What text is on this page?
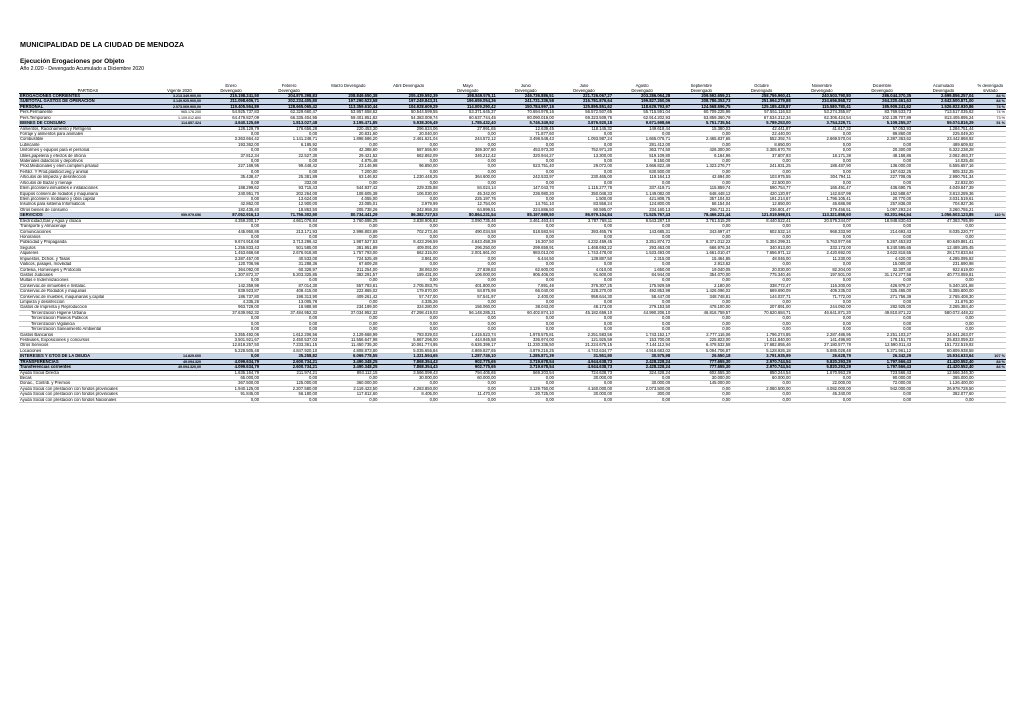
MUNICIPALIDAD DE LA CIUDAD DE MENDOZA
Ejecución Erogaciones por Objeto
Año 2.020 - Devengado Acumulado a Diciembre 2020
		Enero	Febrero	Marzo Devengado	Abril Devengado	Mayo	Junio	Julio	Agosto	Septiembre	Octubre	Noviembre	Diciembre	Acumulado	% devengado
PARTIDAS	Vigente 2020	Devengado	Devengado			Devengado	Devengado	Devengado	Devengado	Devengado	Devengado	Devengado	Devengado	Devengado	s/vitado
EROGACIONES CORRIENTES	3.213.349.900,00	215.198.241,50	204.870.398,83	208.849.650,38	205.439.592,39	198.849.575,11	246.736.886,51	221.726.067,27	203.286.064,28	209.592.659,21	258.756.960,41	240.503.790,80	286.044.370,35	2.699.856.257,04	84 %
SUBTOTAL GASTOS DE OPERACION	3.149.925.900,00	211.098.606,71	202.234.405,80	197.290.523,58	197.249.843,31	196.659.054,36	241.731.336,58	216.781.876,64	199.827.260,06	208.786.353,73	251.994.279,88	234.656.868,72	264.220.461,63	2.642.500.871,00	84 %
PERSONAL	2.073.069.900,00	119.405.564,89	128.665.065,42	113.359.610,44	104.928.609,29	114.009.290,42	150.784.997,16	125.895.851,62	118.629.793,97	124.568.596,75	125.185.428,87	115.580.780,41	185.909.241,62	1.526.922.930,86	74 %
Pers.Permanente	965.176.200	54.925.737,83	62.329.660,47	53.957.658,62	50.544.599,55	53.371.645,37	70.694.978,16	56.572.507,65	55.715.591,04	60.709.225,96	57.551.116,53	53.274.355,87	83.769.533,73	713.517.035,62	74 %
Pers.Temporario	1.109.012.800	64.479.827,09	66.335.404,95	59.401.951,82	54.383.009,74	60.637.744,45	80.090.019,00	69.323.509,76	62.914.202,93	63.859.360,79	67.534.312,34	62.306.424,54	102.139.707,89	813.405.895,24	73 %
BIENES DE CONSUMO	114.857.324	4.640.125,69	1.813.027,48	3.195.471,85	5.938.306,49	1.785.432,40	5.746.349,92	3.876.920,18	9.671.698,66	5.751.735,54	5.789.253,00	3.754.229,71	5.109.255,37	59.074.816,29	51 %
Alimentos, Racionamiento y Refrigerio		128.129,79	176.656,28	220.453,30	296.624,06	27.991,65	12.639,45	118.145,32	149.618,44	15.380,03	42.441,87	41.617,32	57.053,93	1.284.751,44	
Forraje y alimentos para animales		0,00	0,00	20.831,60	20.040,00	0,00	71.877,60	0,00	0,00	0,00	22.440,00	0,00	89.860,00	225.049,20	
Combustible		3.363.664,42	1.141.248,71	1.898.586,20	2.461.621,04	244.572,12	3.498.548,43	1.093.987,24	1.665.076,71	2.465.837,65	552.392,74	2.669.570,04	2.387.363,62	23.442.868,92	
Lubricante		193.362,00	6.185,92	0,00	0,00	0,00	0,00	0,00	281.412,00	0,00	8.650,00	0,00	0,00	489.609,92	
Uniformes y equipos para el personal		0,00	0,00	42.388,60	587.555,90	369.307,80	453.973,30	752.971,20	363.774,50	426.300,00	3.305.670,78	0,00	20.300,00	6.322.238,28	
Utiles,papeleria y efectos de oficina		37.812,34	22.527,30	29.421,52	662.862,09	346.212,42	320.944,27	13.300,00	519.109,80	6.164,96	37.807,93	18.171,38	48.158,86	2.062.493,37	
Materiales didacticos y deportivos		0,00	0,00	4.875,48	0,00	0,00	0,00	0,00	9.150,00	0,00	0,00	0,00	0,00	14.025,48	
Prod.Medicinales y elem.complem.p/salud		227.169,95	99.448,42	23.146,98	96.850,00	0,00	523.751,40	29.072,00	3.666.822,49	1.323.276,77	241.831,25	188.487,90	136.000,00	6.555.657,16	
Fertiliz. Y Prod.plasticid.veg.y animal		0,00	0,00	7.200,00	0,00	0,00	0,00	0,00	630.500,00	0,00	0,00	0,00	167.632,25	805.332,25	
Articulos de limpieza y desinfeccion		35.438,47	25.381,89	63.146,92	1.230.448,25	364.600,00	242.533,97	230.465,00	119.164,13	42.694,00	103.975,55	304.794,11	227.708,05	2.990.751,34	
Articulos de Bazar y menaje		0,00	332,00	0,00	0,00	0,00	0,00	0,00	0,00	0,00	22.500,00	0,00	0,00	22.832,00	
Elem.p/conserv.inmuebles e instalaciones		188.299,62	93.715,43	544.937,42	229.335,88	84.024,14	147.043,70	1.115.277,78	337.419,71	115.859,74	590.754,77	166.491,47	436.690,75	4.049.847,39	
Equipos conserv.de rodados y maquinaria		240.951,70	202.264,00	108.605,38	106.030,00	45.342,00	236.980,20	350.048,33	1.149.082,00	648.448,12	420.120,97	142.847,99	162.588,67	3.813.289,36	
Elem.p/conserv. mobiliario y obra capital		0,00	13.624,00	4.055,00	0,00	225.197,76	0,00	1.500,00	421.808,75	357.104,02	191.214,67	1.796.105,41	20.770,00	3.031.519,61	
Insumos para sistema Informaticos		42.862,00	12.900,00	23.085,01	3.979,99	12.754,00	14.761,10	83.558,24	124.800,00	68.154,04	12.650,00	46.686,98	257.836,00	704.927,36	
Otros bienes de consumo		182.435,40	18.863,50	205.738,26	242.959,28	64.899,51	224.886,50	90.595,07	234.160,13	266.711,21	236.801,47	379.456,51	1.097.293,24	3.260.755,21	
SERVICIOS	959.979.656	87.052.916,13	71.756.302,90	80.734.441,29	86.382.727,53	80.864.231,54	85.197.989,50	86.979.104,84	71.525.767,43	78.466.221,44	121.019.598,01	113.321.858,60	93.201.964,64	1.056.503.123,85	110 %
Electricidad,Gas y Agua y cloaca		4.359.200,17	4.661.076,84	3.760.698,25	3.838.905,82	3.090.735,46	3.461.463,44	3.787.768,11	6.543.287,10	3.761.515,29	8.440.522,41	20.579.244,07	18.948.830,63	47.363.785,99	
Transporte y Almacenaje		0,00	0,00	0,00	0,00	0,00	0,00	0,00	0,00	0,00	0,00	0,00	0,00	0,00	
Comunicaciones		445.950,86	213.171,93	2.998.803,89	702.273,46	490.034,58	518.583,94	393.465,76	143.685,31	343.697,47	602.532,14	968.333,90	214.693,43	8.035.220,77	
Honorarios		0,00	0,00	0,00	0,00	0,00	0,00	0,00	0,00	0,00	0,00	0,00	0,00	0,00	
Publicidad y Propaganda		9.674.918,68	3.713.296,42	1.987.527,53	8.423.296,59	4.643.458,39	16.307,50	4.232.459,45	3.251.874,72	8.371.012,22	5.304.299,31	5.763.977,66	5.267.453,83	60.649.881,41	
Seguros		1.256.833,43	501.585,00	381.951,89	409.091,00	296.250,00	299.659,91	1.468.693,22	293.463,00	666.976,34	340.913,00	333.173,00	6.240.595,65	12.489.185,45	
Alquileres		1.453.668,68	2.676.918,80	1.757.793,00	662.315,00	2.001.661,00	983.013,00	1.743.478,00	1.533.493,00	1.661.010,47	7.656.971,12	2.420.692,00	3.622.818,55	28.173.833,64	
Impuestos, Dchos. y Tasas		3.387.457,00	40.533,00	724.525,49	3.861,00	0,00	6.444,50	139.887,50	2.315,00	15.464,85	48.046,00	11.230,00	4.420,00	4.285.095,82	
Viaticos, pasajes, movilidad		120.706,96	31.288,36	67.609,28	0,00	0,00	0,00	0,00	0,00	2.913,62	0,00	0,00	15.000,00	231.690,98	
Cortesia, Homenajes y Protocolo		364.092,00	60.328,97	211.254,00	38.063,00	27.839,83	62.600,00	4.010,00	1.650,00	19.040,05	20.030,00	82.204,00	32.307,40	922.619,00	
Gastos Judiciales		1.307.872,37	5.203.325,85	382.291,57	189.431,00	106.000,00	906.406,00	91.600,00	84.944,00	354.070,00	775.340,46	197.501,00	31.174.277,56	40.773.059,81	
Multas e Indemnizaciones		0,00	0,00	0,00	0,00	0,00	0,00	0,00	0,00	0,00	0,00	0,00	0,00	0,00	
Conservac.de inmuebles e Instalac.		142.359,98	87.014,30	557.783,61	2.705.083,75	401.800,00	7.891,46	376.307,25	175.929,59	2.180,00	338.772,47	116.200,00	426.979,27	5.340.101,68	
Conservac.de Rodados y maquinas		839.923,87	408.415,00	222.865,02	179.870,00	84.875,99	66.040,00	228.270,00	492.853,98	1.426.096,02	669.690,09	409.235,03	325.465,00	5.355.600,00	
Conservac.de muebles, maquinarias y.capital		186.737,80	198.313,90	409.261,42	57.747,00	57.541,97	2.400,00	958.644,30	58.447,00	348.748,81	144.037,71	71.772,00	271.756,39	2.765.408,30	
Limpieza y desinfeccion		4.335,26	13.005,78	0,00	4.335,26	0,00	0,00	0,00	0,00	0,00	0,00	0,00	0,00	21.676,30	
Gastos de Imprenta y Reproduccion		963.729,00	18.988,90	234.199,00	324.280,00	156.060,00	38.043,00	48.173,00	279.153,50	478.100,00	207.891,00	244.092,00	282.925,00	3.265.384,40	
Tercerizacion Higiene Urbana		37.639.952,32	37.484.952,32	37.034.952,32	47.298.419,03	56.148.285,21	60.402.874,10	45.182.659,10	44.990.206,10	46.816.759,57	70.620.684,71	46.641.871,20	49.810.871,22	580.072.448,22	
Tercerizacion Paseos Publicos		0,00	0,00	0,00	0,00	0,00	0,00	0,00	0,00	0,00	0,00	0,00	0,00	0,00	
Tercerizacion Vigilancia		0,00	0,00	0,00	0,00	0,00	0,00	0,00	0,00	0,00	0,00	0,00	0,00	0,00	
Tercerizacion Saneamiento Ambiental		0,00	0,00	0,00	0,00	0,00	0,00	0,00	0,00	0,00	0,00	0,00	0,00	0,00	
Gastos Bancarios		3.355.492,06	1.612.206,56	2.129.668,99	783.029,03	1.415.523,74	1.978.575,81	2.251.583,56	1.743.152,17	2.777.116,06	1.796.274,85	2.287.486,95	2.251.103,27	24.641.263,07	
Festivales, Exposiciones y concursos		3.501.921,67	2.450.537,03	11.556.647,98	5.667.296,00	444.945,58	336.974,00	121.925,59	153.700,00	225.823,00	1.011.840,00	141.496,80	178.151,70	25.833.059,33	
Otros Servicios		12.819.257,50	7.233.361,15	11.450.735,30	10.061.774,95	6.626.399,17	11.230.336,50	21.224.675,15	7.144.112,94	6.478.532,58	17.682.855,46	27.180.577,78	12.590.011,43	151.722.519,92	
Locaciones		5.228.505,48	4.847.920,10	4.808.873,80	5.035.655,84	4.869.827,65	4.879.216,25	4.743.634,77	4.918.683,02	5.094.706,87	5.128.926,18	5.885.028,48	5.371.961,12	60.809.938,58	
INTERESES Y GTOS DE LA DEUDA	14.829.600	0,00	35.258,82	6.069.778,55	1.321.594,65	1.287.746,10	1.285.871,39	31.551,90	30.575,98	26.550,18	3.791.935,99	26.628,79	26.342,29	15.934.633,64	107 %
TRANSFERENCIAS	49.094.320	4.099.634,79	2.600.734,21	3.490.348,25	7.868.354,43	902.775,65	3.719.678,54	4.944.638,73	2.428.228,24	777.655,30	2.970.744,54	5.820.293,29	1.797.566,43	41.420.552,40	84 %
Transferencias corrientes	49.094.320,00	4.099.634,79	2.600.734,21	3.490.348,25	7.868.354,43	902.775,65	3.719.678,54	4.944.638,73	2.428.228,24	777.655,30	2.970.744,54	5.820.293,29	1.797.566,43	41.420.552,40	84 %
Ayuda Social Directa		1.635.164,79	211.974,21	893.112,15	3.566.099,43	794.405,65	569.203,54	724.638,73	324.428,24	602.555,30	850.244,54	1.670.953,29	723.566,43	12.566.346,30	
Becas		65.000,00	0,00	0,00	30.000,00	60.000,00	0,00	30.000,00	0,00	30.000,00	60.000,00	0,00	90.000,00	365.000,00	
Donac., Contrib. y Premios		367.500,00	125.000,00	360.000,00	0,00	0,00	0,00	0,00	30.000,00	145.000,00	0,00	22.000,00	72.000,00	1.126.400,00	
Ayuda Social con prestacion con fondos provinciales		1.940.125,00	2.207.580,00	2.119.423,50	4.263.850,00	0,00	3.129.750,00	4.160.000,00	2.073.500,00	0,00	2.060.500,00	4.082.000,00	942.000,00	26.978.728,50	
Ayuda Social con prestacion con fondos provinciales		91.845,00	56.180,00	117.812,60	8.405,00	11.470,00	20.725,00	30.000,00	300,00	0,00	0,00	45.340,00	0,00	382.077,60	
Ayuda Social con prestacion con fondos Nacionales		0,00	0,00	0,00	0,00	0,00	0,00	0,00	0,00	0,00	0,00	0,00	0,00	0,00	
